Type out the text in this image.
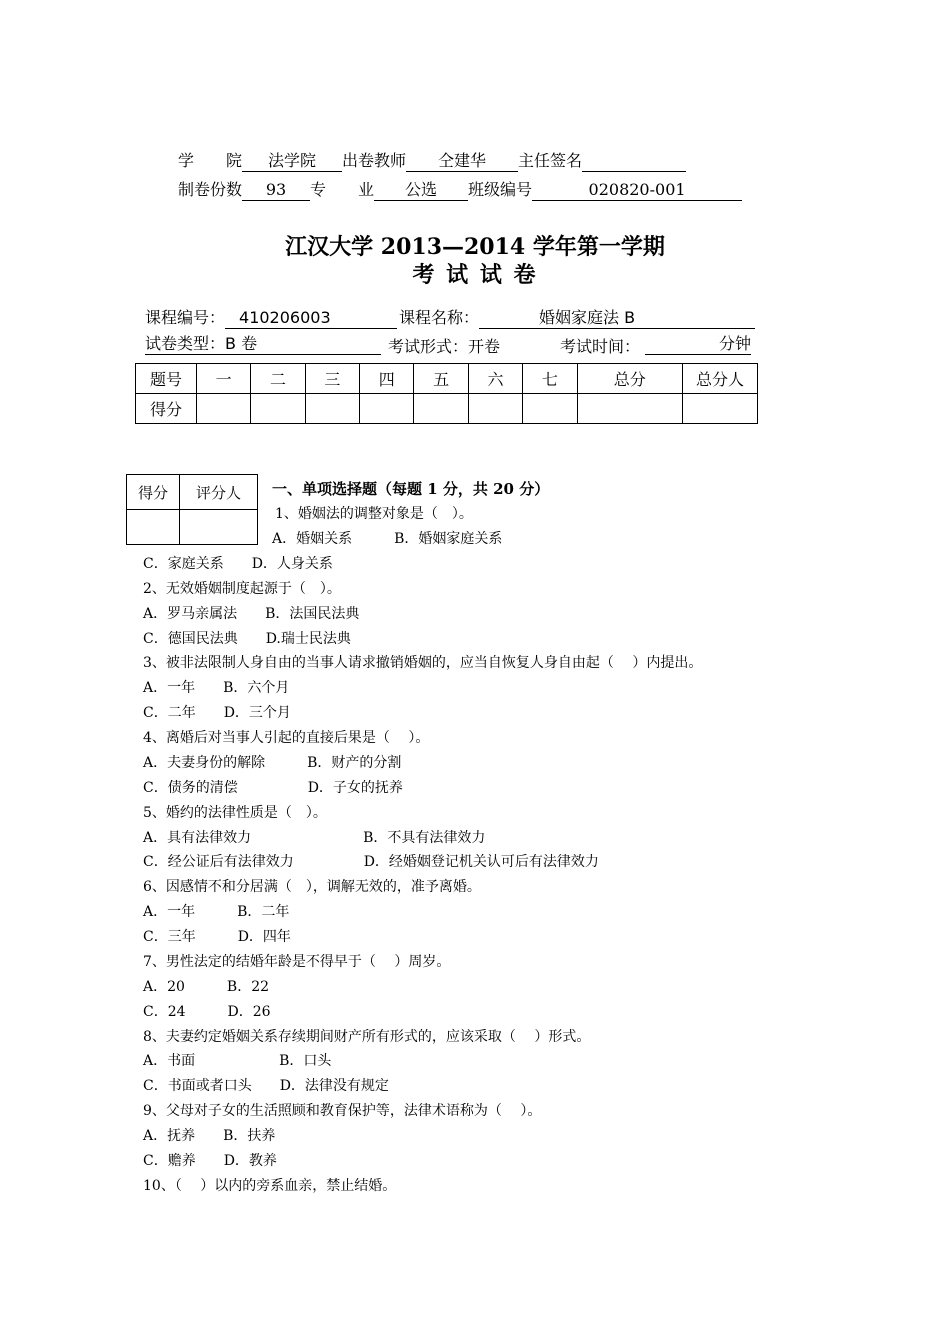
学　　院 法学院 出卷教师 仝建华 主任签名
制卷份数 93 专　　业 公选 班级编号	020820-001
江汉大学 2013—2014 学年第一学期
考 试 试 卷
课程编号： 410206003	课程名称：	婚姻家庭法 B
试卷类型：B 卷	考试形式：开卷	考试时间：	分钟
题号	一	二	三	四	五	六	七	总分	总分人
得分									
得分	评分人
	一、单项选择题（每题 1 分，共 20 分）
1、婚姻法的调整对象是（　）。
A．婚姻关系　　　B．婚姻家庭关系
C．家庭关系　　D．人身关系
2、无效婚姻制度起源于（　）。
A．罗马亲属法　　B．法国民法典
C．德国民法典　　D.瑞士民法典
3、被非法限制人身自由的当事人请求撤销婚姻的，应当自恢复人身自由起（　 ）内提出。
A．一年　　B．六个月
C．二年　　D．三个月
4、离婚后对当事人引起的直接后果是（　 ）。
A．夫妻身份的解除　　　B．财产的分割
C．债务的清偿　　　　　D．子女的抚养
5、婚约的法律性质是（　）。
A．具有法律效力　　　　　　　　B．不具有法律效力
C．经公证后有法律效力　　　　　D．经婚姻登记机关认可后有法律效力
6、因感情不和分居满（　），调解无效的，准予离婚。
A．一年　　　B．二年
C．三年　　　D．四年
7、男性法定的结婚年龄是不得早于（　 ）周岁。
A．20　　　B．22
C．24　　　D．26
8、夫妻约定婚姻关系存续期间财产所有形式的，应该采取（　 ）形式。
A．书面　　　　　　B．口头
C．书面或者口头　　D．法律没有规定
9、父母对子女的生活照顾和教育保护等，法律术语称为（　 ）。
A．抚养　　B．扶养
C．赡养　　D．教养
10、（　 ）以内的旁系血亲，禁止结婚。
